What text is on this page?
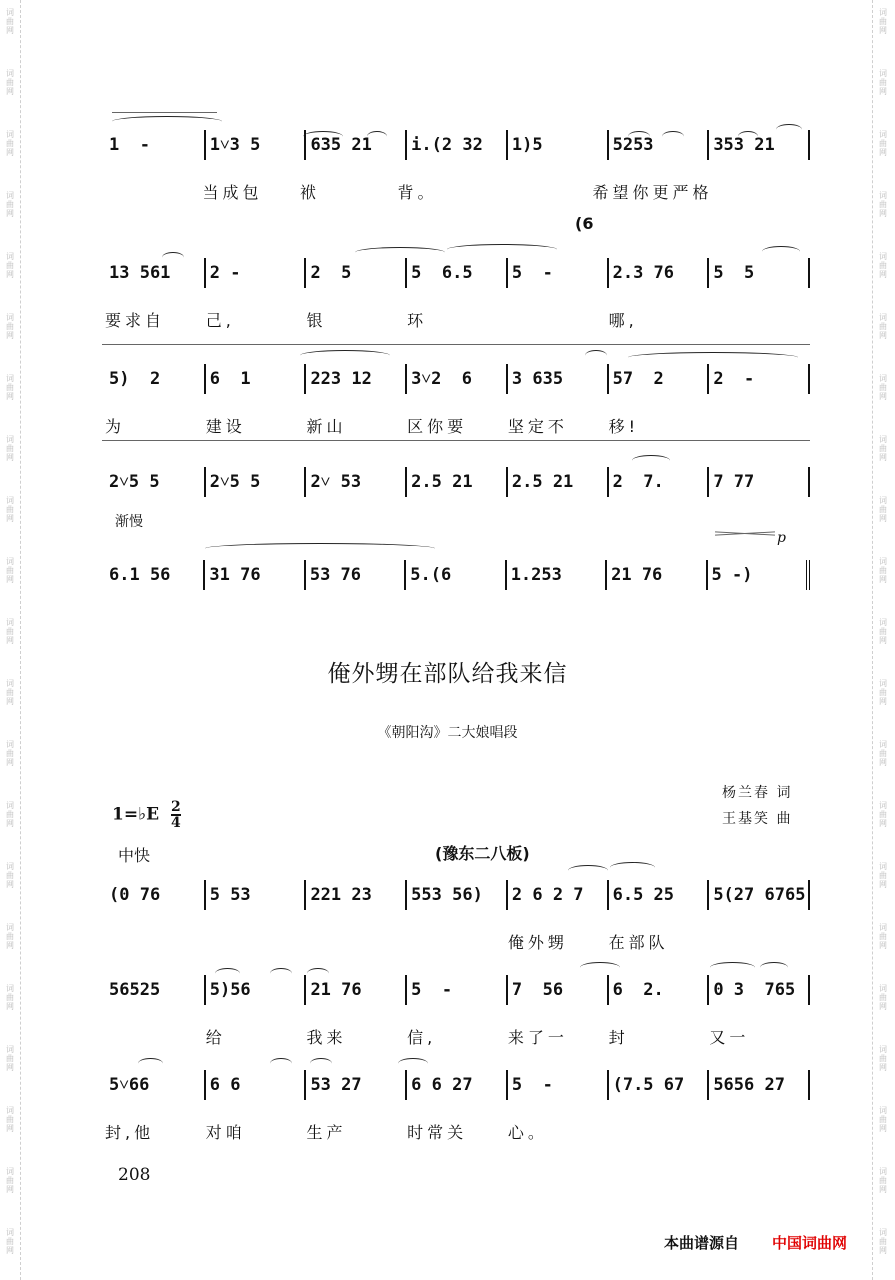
词曲网
词曲网
词曲网
词曲网
词曲网
词曲网
词曲网
词曲网
词曲网
词曲网
词曲网
词曲网
词曲网
词曲网
词曲网
词曲网
词曲网
词曲网
词曲网
词曲网
词曲网
词曲网
词曲网
词曲网
词曲网
词曲网
词曲网
词曲网
词曲网
词曲网
词曲网
词曲网
词曲网
词曲网
词曲网
词曲网
词曲网
词曲网
词曲网
词曲网
词曲网
词曲网
1  -	1˅3 5	635 21	i.(2 32	1)5	5253	353 21
当成包	袱	背。	希望你更严格
13 561	2 -	2  5	5  6.5	5  -	2.3 76	5  5
要求自	己,	银	环	哪,
(6
5)  2	6  1	223 12	3˅2  6	3 635	57  2	2  -
为	建设	新山	区你要	坚定不	移!
2˅5 5	2˅5 5	2˅ 53	2.5 21	2.5 21	2  7.	7 77
渐慢
6.1 56	31 76	53 76	5.(6	1.253	21 76	5 -)
p
俺外甥在部队给我来信
《朝阳沟》二大娘唱段
杨兰春 词
王基笑 曲
1=♭E $\frac{2}{4}$
中快	(豫东二八板)
(0 76	5 53	221 23	553 56)	2 6 2 7	6.5 25	5(27 6765
俺外甥	在部队
56525	5)56	21 76	5  -	7  56	6  2.	0 3  765
给	我来	信,	来了一	封	又一
5˅66	6 6	53 27	6 6 27	5  -	(7.5 67	5656 27
封,他	对咱	生产	时常关	心。
208
本曲谱源自 中国词曲网
